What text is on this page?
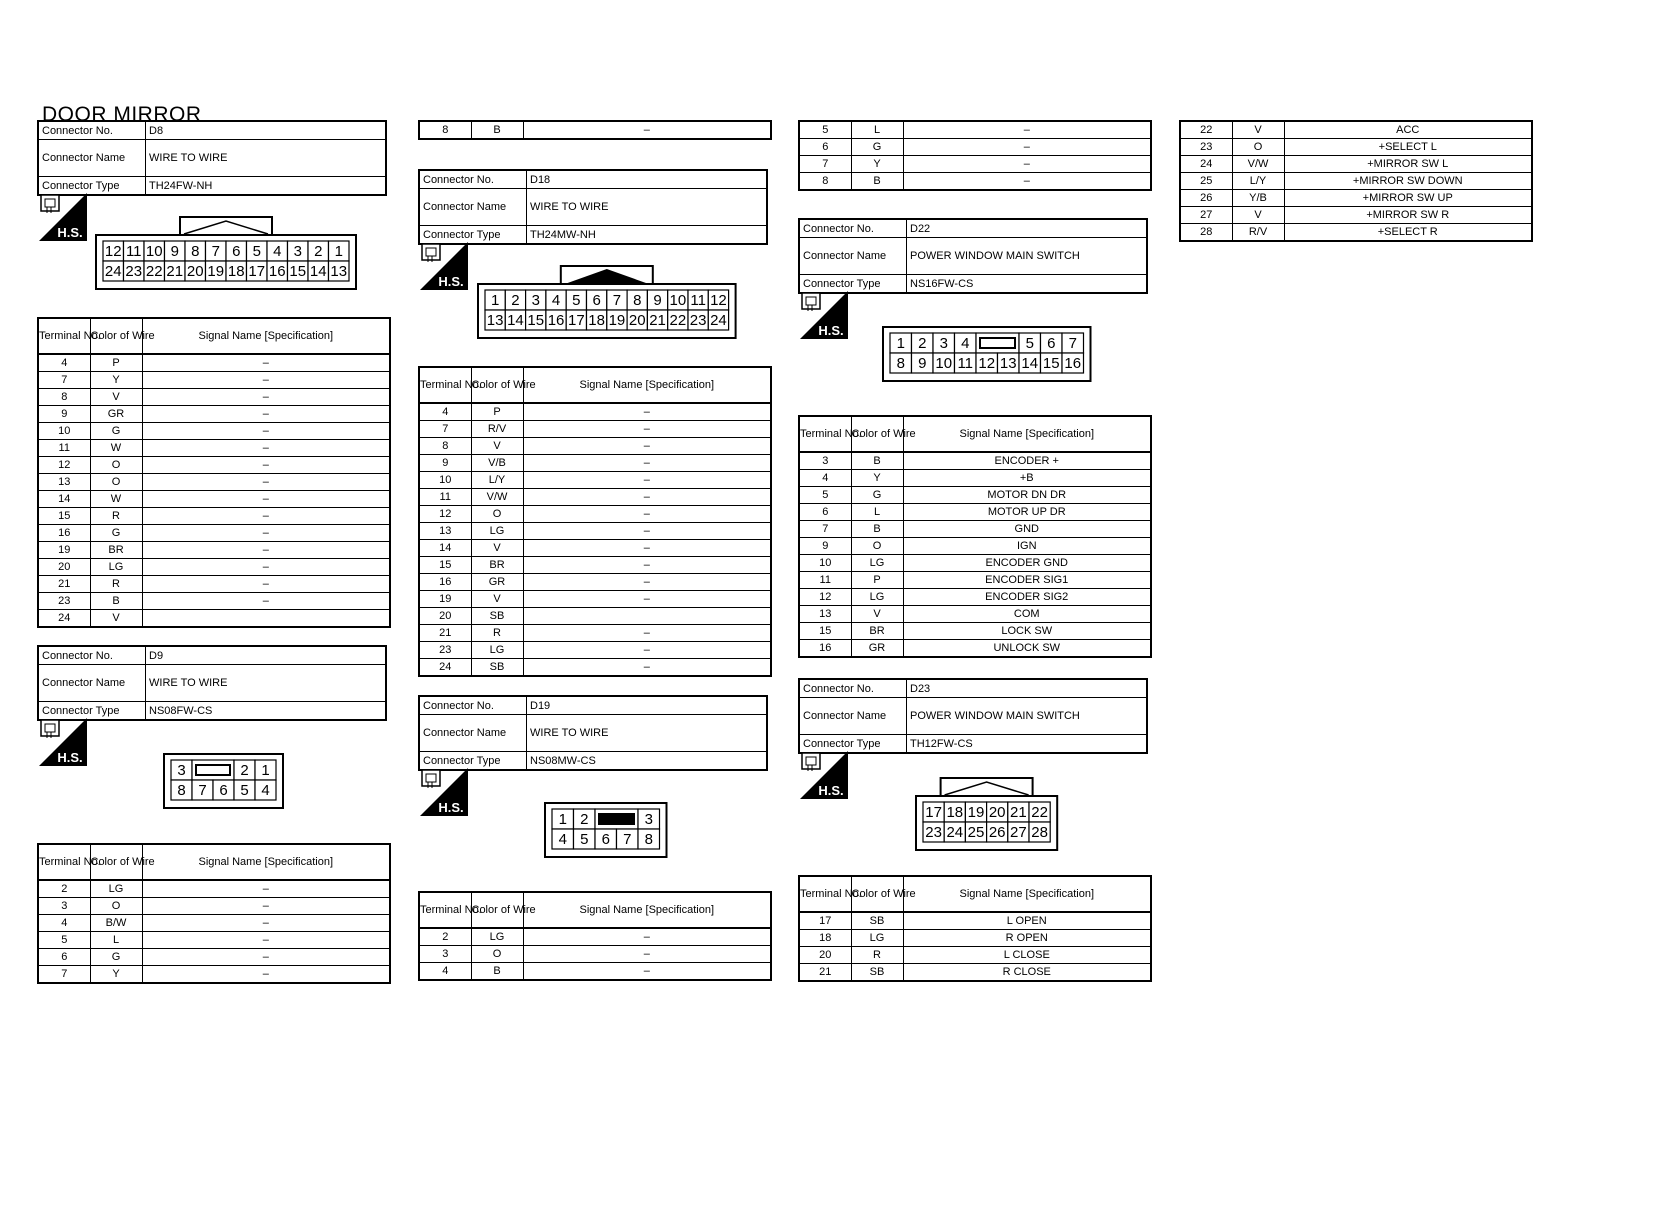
DOOR MIRROR
Connector No.	D8
Connector Name	WIRE TO WIRE
Connector Type	TH24FW-NH
H.S.
12 11 10 9 8 7 6 5 4 3 2 1
24 23 22 21 20 19 18 17 16 15 14 13
Terminal No.	Color of Wire	Signal Name [Specification]
4	P	–
7	Y	–
8	V	–
9	GR	–
10	G	–
11	W	–
12	O	–
13	O	–
14	W	–
15	R	–
16	G	–
19	BR	–
20	LG	–
21	R	–
23	B	–
24	V	
Connector No.	D9
Connector Name	WIRE TO WIRE
Connector Type	NS08FW-CS
H.S.
3	2 1
8 7 6 5 4
Terminal No.	Color of Wire	Signal Name [Specification]
2	LG	–
3	O	–
4	B/W	–
5	L	–
6	G	–
7	Y	–
8	B	–
Connector No.	D18
Connector Name	WIRE TO WIRE
Connector Type	TH24MW-NH
H.S.
1 2 3 4 5 6 7 8 9 10 11 12
13 14 15 16 17 18 19 20 21 22 23 24
Terminal No.	Color of Wire	Signal Name [Specification]
4	P	–
7	R/V	–
8	V	–
9	V/B	–
10	L/Y	–
11	V/W	–
12	O	–
13	LG	–
14	V	–
15	BR	–
16	GR	–
19	V	–
20	SB	
21	R	–
23	LG	–
24	SB	–
Connector No.	D19
Connector Name	WIRE TO WIRE
Connector Type	NS08MW-CS
H.S.
1 2	3
4 5 6 7 8
Terminal No.	Color of Wire	Signal Name [Specification]
2	LG	–
3	O	–
4	B	–
5	L	–
6	G	–
7	Y	–
8	B	–
Connector No.	D22
Connector Name	POWER WINDOW MAIN SWITCH
Connector Type	NS16FW-CS
H.S.
1 2 3 4	5 6 7
8 9 10 11 12 13 14 15 16
Terminal No.	Color of Wire	Signal Name [Specification]
3	B	ENCODER +
4	Y	+B
5	G	MOTOR DN DR
6	L	MOTOR UP DR
7	B	GND
9	O	IGN
10	LG	ENCODER GND
11	P	ENCODER SIG1
12	LG	ENCODER SIG2
13	V	COM
15	BR	LOCK SW
16	GR	UNLOCK SW
Connector No.	D23
Connector Name	POWER WINDOW MAIN SWITCH
Connector Type	TH12FW-CS
H.S.
17 18 19 20 21 22
23 24 25 26 27 28
Terminal No.	Color of Wire	Signal Name [Specification]
17	SB	L OPEN
18	LG	R OPEN
20	R	L CLOSE
21	SB	R CLOSE
22	V	ACC
23	O	+SELECT L
24	V/W	+MIRROR SW L
25	L/Y	+MIRROR SW DOWN
26	Y/B	+MIRROR SW UP
27	V	+MIRROR SW R
28	R/V	+SELECT R
